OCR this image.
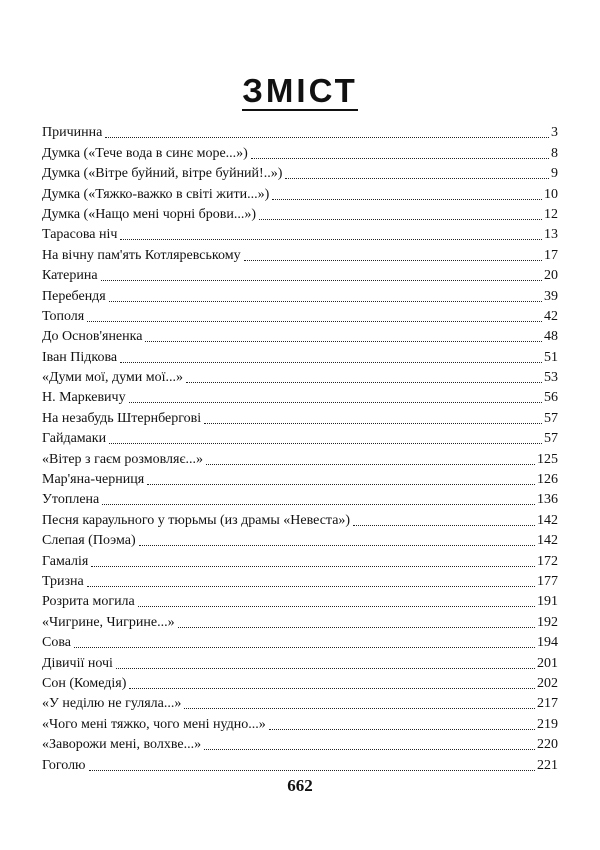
ЗМІСТ
Причинна	3
Думка («Тече вода в синє море...»)	8
Думка («Вітре буйний, вітре буйний!..»)	9
Думка («Тяжко-важко в світі жити...»)	10
Думка («Нащо мені чорні брови...»)	12
Тарасова ніч	13
На вічну пам'ять Котляревському	17
Катерина	20
Перебендя	39
Тополя	42
До Основ'яненка	48
Іван Підкова	51
«Думи мої, думи мої...»	53
Н. Маркевичу	56
На незабудь Штернбергові	57
Гайдамаки	57
«Вітер з гаєм розмовляє...»	125
Мар'яна-черниця	126
Утоплена	136
Песня караульного у тюрьмы (из драмы «Невеста»)	142
Слепая (Поэма)	142
Гамалія	172
Тризна	177
Розрита могила	191
«Чигрине, Чигрине...»	192
Сова	194
Дівичії ночі	201
Сон (Комедія)	202
«У неділю не гуляла...»	217
«Чого мені тяжко, чого мені нудно...»	219
«Заворожи мені, волхве...»	220
Гоголю	221

662
